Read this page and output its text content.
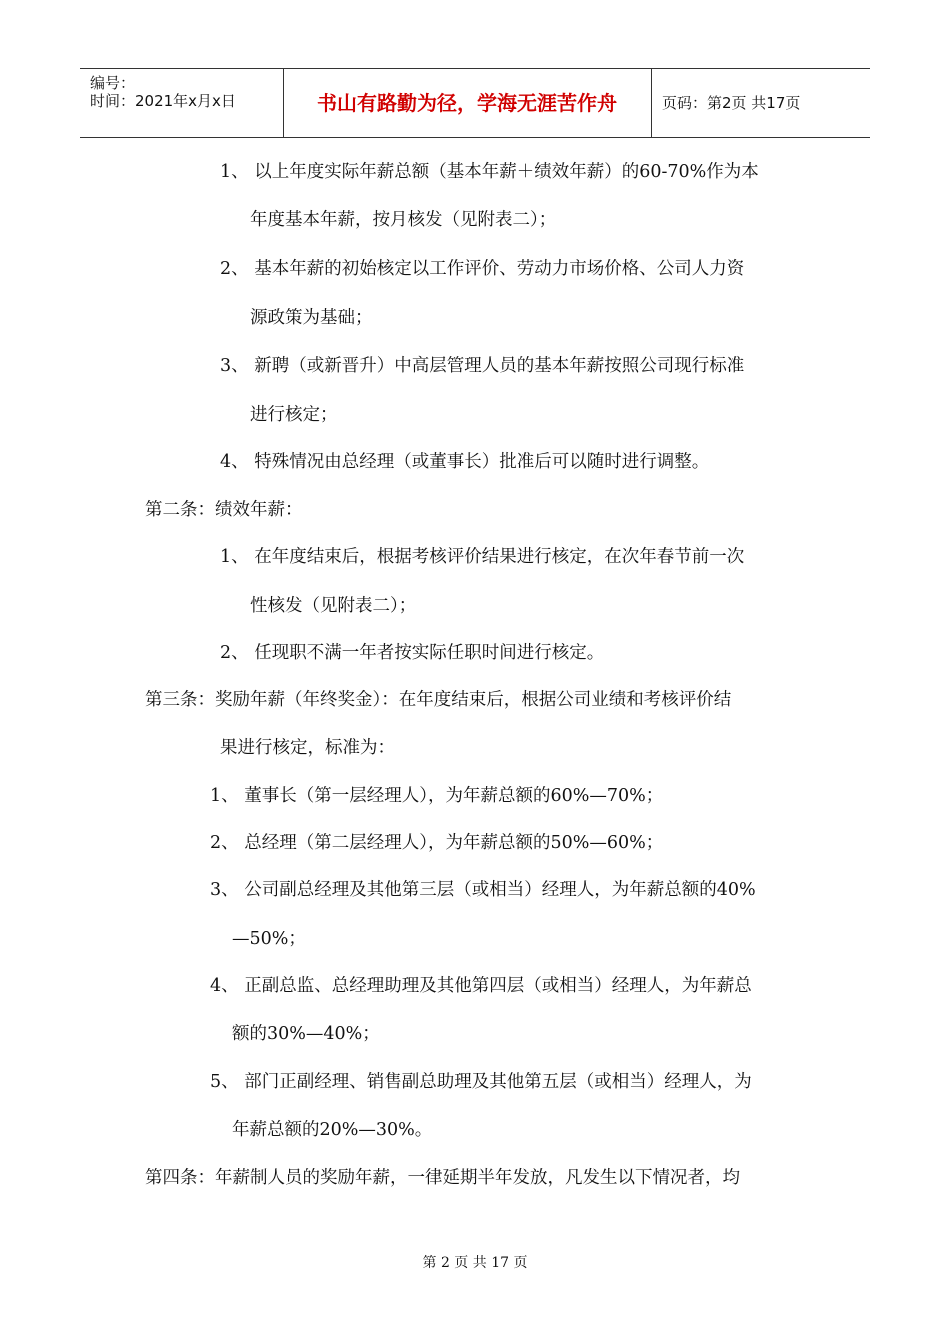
编号：
时间：2021年x月x日	书山有路勤为径，学海无涯苦作舟	页码：第2页 共17页
1、 以上年度实际年薪总额（基本年薪＋绩效年薪）的60-70%作为本
年度基本年薪，按月核发（见附表二）；
2、 基本年薪的初始核定以工作评价、劳动力市场价格、公司人力资
源政策为基础；
3、 新聘（或新晋升）中高层管理人员的基本年薪按照公司现行标准
进行核定；
4、 特殊情况由总经理（或董事长）批准后可以随时进行调整。
第二条：绩效年薪：
1、 在年度结束后，根据考核评价结果进行核定，在次年春节前一次
性核发（见附表二）；
2、 任现职不满一年者按实际任职时间进行核定。
第三条：奖励年薪（年终奖金）：在年度结束后，根据公司业绩和考核评价结
果进行核定，标准为：
1、 董事长（第一层经理人），为年薪总额的60%—70%；
2、 总经理（第二层经理人），为年薪总额的50%—60%；
3、 公司副总经理及其他第三层（或相当）经理人，为年薪总额的40%
—50%；
4、 正副总监、总经理助理及其他第四层（或相当）经理人，为年薪总
额的30%—40%；
5、 部门正副经理、销售副总助理及其他第五层（或相当）经理人，为
年薪总额的20%—30%。
第四条：年薪制人员的奖励年薪，一律延期半年发放，凡发生以下情况者，均
第 2 页 共 17 页
